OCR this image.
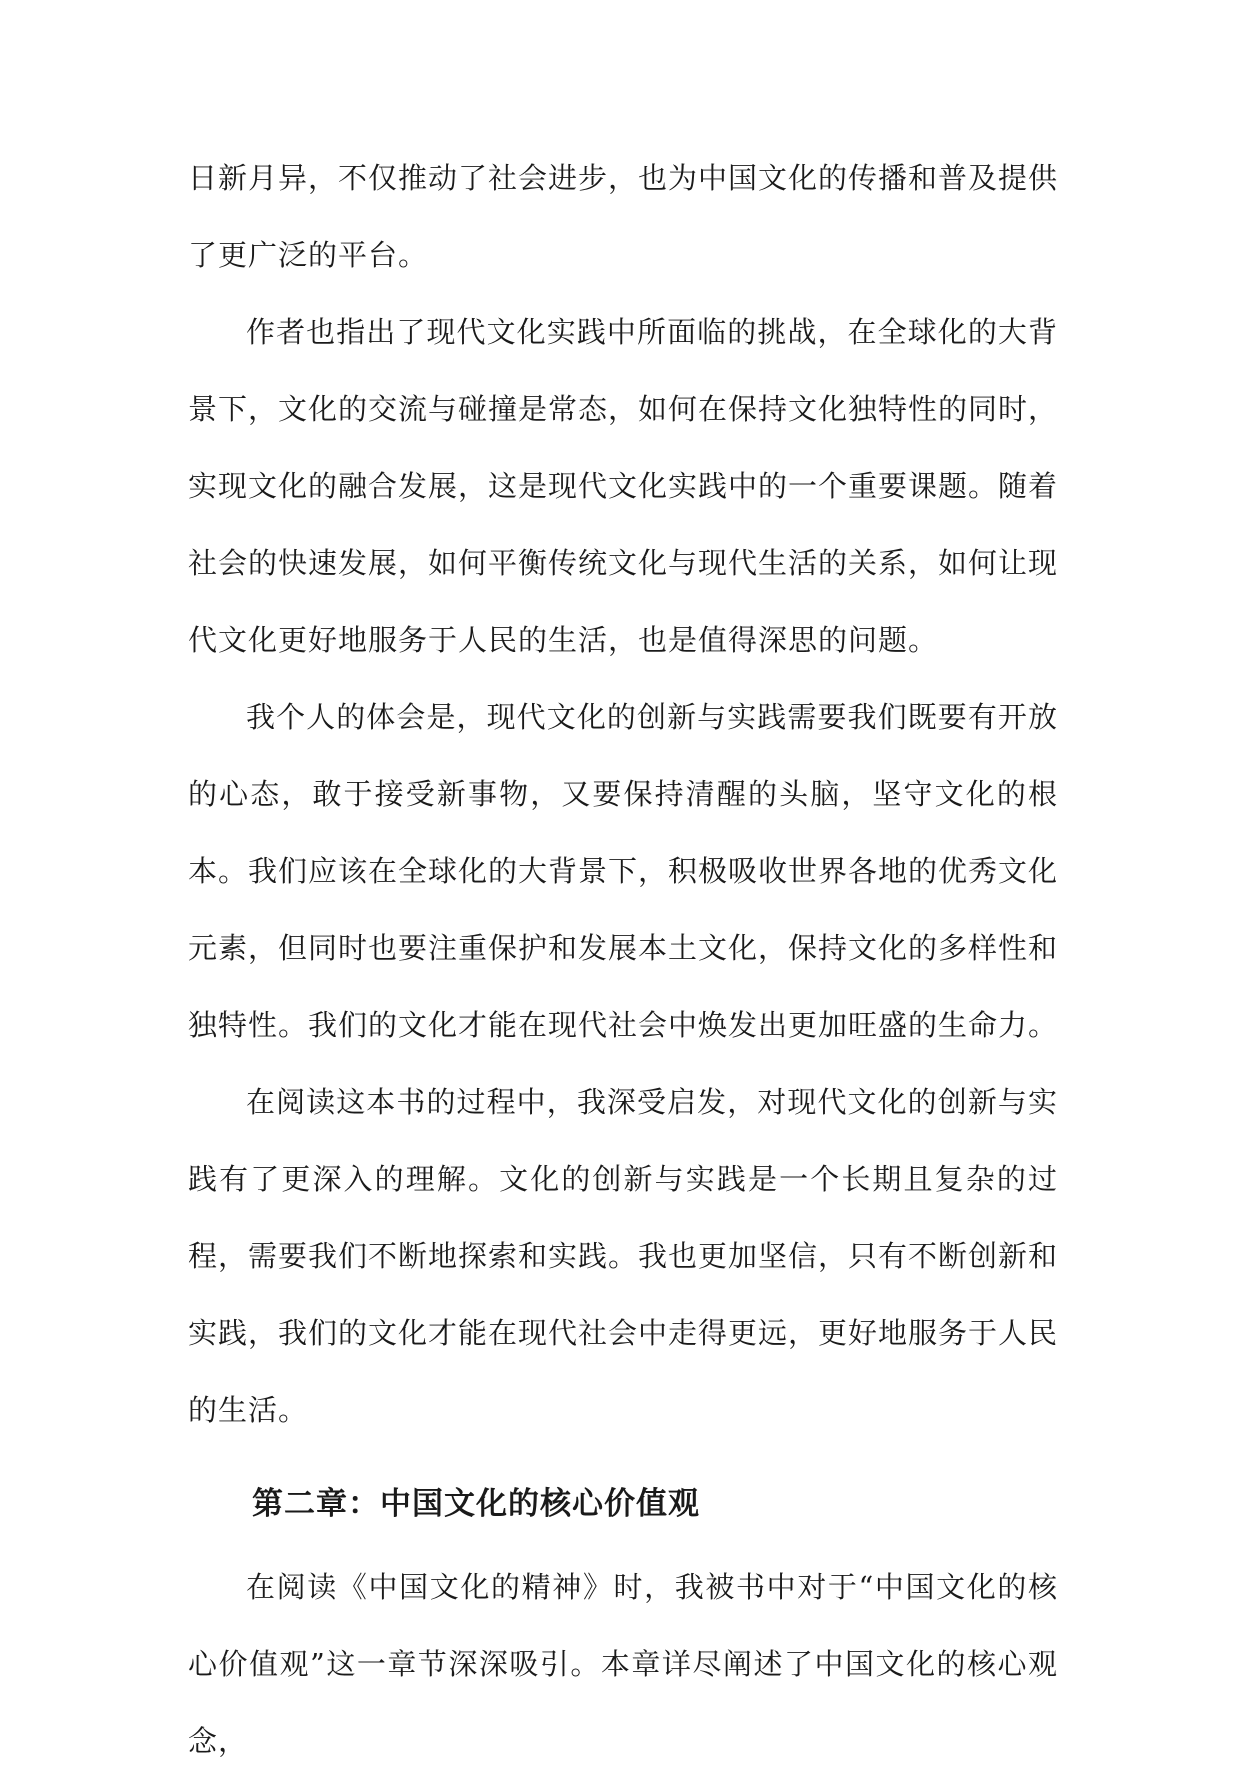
日新月异，不仅推动了社会进步，也为中国文化的传播和普及提供了更广泛的平台。

作者也指出了现代文化实践中所面临的挑战，在全球化的大背景下，文化的交流与碰撞是常态，如何在保持文化独特性的同时，实现文化的融合发展，这是现代文化实践中的一个重要课题。随着社会的快速发展，如何平衡传统文化与现代生活的关系，如何让现代文化更好地服务于人民的生活，也是值得深思的问题。

我个人的体会是，现代文化的创新与实践需要我们既要有开放的心态，敢于接受新事物，又要保持清醒的头脑，坚守文化的根本。我们应该在全球化的大背景下，积极吸收世界各地的优秀文化元素，但同时也要注重保护和发展本土文化，保持文化的多样性和独特性。我们的文化才能在现代社会中焕发出更加旺盛的生命力。

在阅读这本书的过程中，我深受启发，对现代文化的创新与实践有了更深入的理解。文化的创新与实践是一个长期且复杂的过程，需要我们不断地探索和实践。我也更加坚信，只有不断创新和实践，我们的文化才能在现代社会中走得更远，更好地服务于人民的生活。

第二章：中国文化的核心价值观

在阅读《中国文化的精神》时，我被书中对于“中国文化的核心价值观”这一章节深深吸引。本章详尽阐述了中国文化的核心观念，
